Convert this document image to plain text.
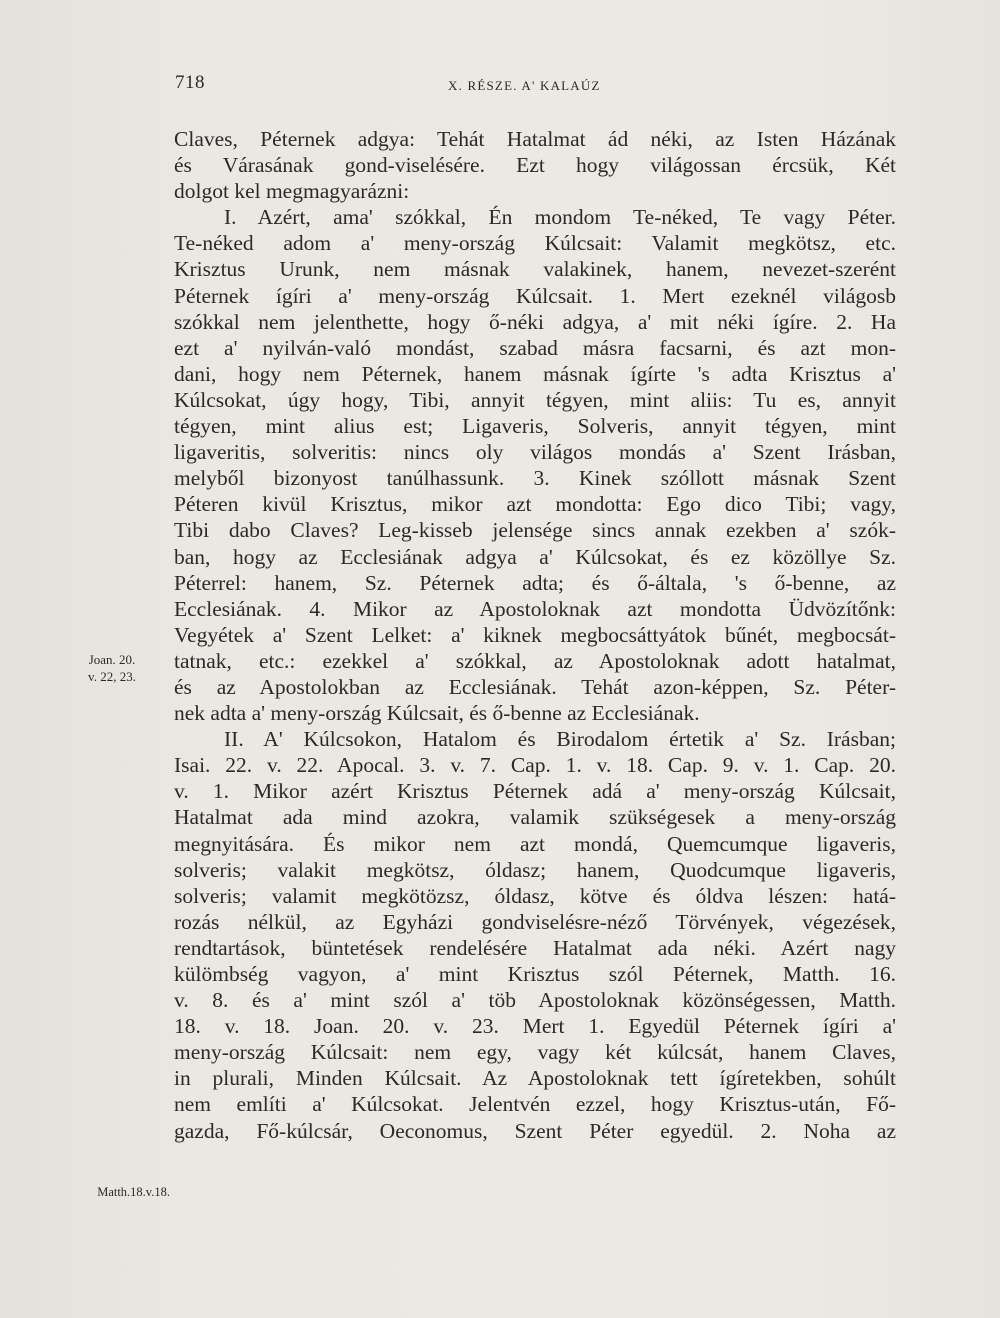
718	X. RÉSZE. A' KALAÚZ
Claves, Péternek adgya: Tehát Hatalmat ád néki, az Isten Házának
és Várasának gond-viselésére. Ezt hogy világossan ércsük, Két
dolgot kel megmagyarázni:
I. Azért, ama' szókkal, Én mondom Te-néked, Te vagy Péter.
Te-néked adom a' meny-ország Kúlcsait: Valamit megkötsz, etc.
Krisztus Urunk, nem másnak valakinek, hanem, nevezet-szerént
Péternek ígíri a' meny-ország Kúlcsait. 1. Mert ezeknél világosb
szókkal nem jelenthette, hogy ő-néki adgya, a' mit néki ígíre. 2. Ha
ezt a' nyilván-való mondást, szabad másra facsarni, és azt mon-
dani, hogy nem Péternek, hanem másnak ígírte 's adta Krisztus a'
Kúlcsokat, úgy hogy, Tibi, annyit tégyen, mint aliis: Tu es, annyit
tégyen, mint alius est; Ligaveris, Solveris, annyit tégyen, mint
ligaveritis, solveritis: nincs oly világos mondás a' Szent Irásban,
melyből bizonyost tanúlhassunk. 3. Kinek szóllott másnak Szent
Péteren kivül Krisztus, mikor azt mondotta: Ego dico Tibi; vagy,
Tibi dabo Claves? Leg-kisseb jelensége sincs annak ezekben a' szók-
ban, hogy az Ecclesiának adgya a' Kúlcsokat, és ez közöllye Sz.
Péterrel: hanem, Sz. Péternek adta; és ő-általa, 's ő-benne, az
Ecclesiának. 4. Mikor az Apostoloknak azt mondotta Üdvözítőnk:
Vegyétek a' Szent Lelket: a' kiknek megbocsáttyátok bűnét, megbocsát-
tatnak, etc.: ezekkel a' szókkal, az Apostoloknak adott hatalmat,
és az Apostolokban az Ecclesiának. Tehát azon-képpen, Sz. Péter-
nek adta a' meny-ország Kúlcsait, és ő-benne az Ecclesiának.
II. A' Kúlcsokon, Hatalom és Birodalom értetik a' Sz. Irásban;
Isai. 22. v. 22. Apocal. 3. v. 7. Cap. 1. v. 18. Cap. 9. v. 1. Cap. 20.
v. 1. Mikor azért Krisztus Péternek adá a' meny-ország Kúlcsait,
Hatalmat ada mind azokra, valamik szükségesek a meny-ország
megnyitására. És mikor nem azt mondá, Quemcumque ligaveris,
solveris; valakit megkötsz, óldasz; hanem, Quodcumque ligaveris,
solveris; valamit megkötözsz, óldasz, kötve és óldva lészen: hatá-
rozás nélkül, az Egyházi gondviselésre-néző Törvények, végezések,
rendtartások, büntetések rendelésére Hatalmat ada néki. Azért nagy
külömbség vagyon, a' mint Krisztus szól Péternek, Matth. 16.
v. 8. és a' mint szól a' töb Apostoloknak közönségessen, Matth.
18. v. 18. Joan. 20. v. 23. Mert 1. Egyedül Péternek ígíri a'
meny-ország Kúlcsait: nem egy, vagy két kúlcsát, hanem Claves,
in plurali, Minden Kúlcsait. Az Apostoloknak tett ígíretekben, sohúlt
nem említi a' Kúlcsokat. Jelentvén ezzel, hogy Krisztus-után, Fő-
gazda, Fő-kúlcsár, Oeconomus, Szent Péter egyedül. 2. Noha az
Joan. 20.
v. 22, 23.
Matth.18.v.18.
